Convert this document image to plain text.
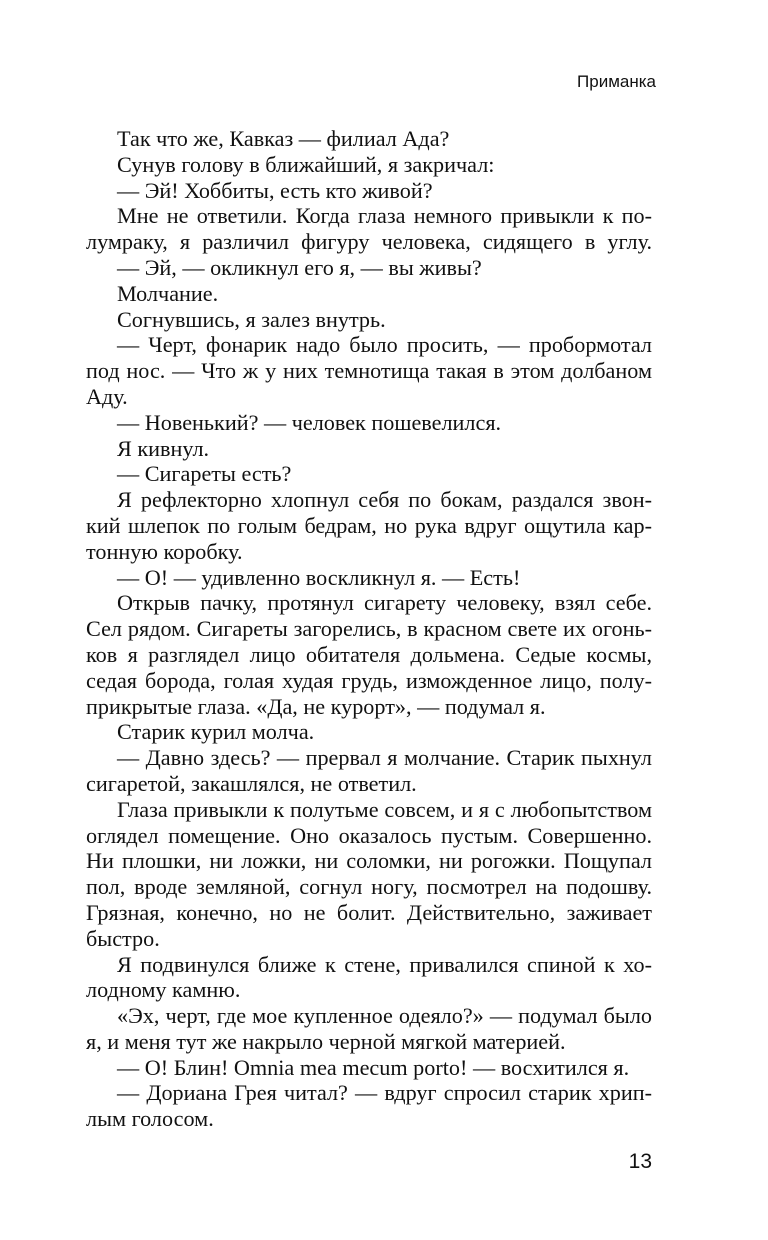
Приманка
Так что же, Кавказ — филиал Ада?
Сунув голову в ближайший, я закричал:
— Эй! Хоббиты, есть кто живой?
Мне не ответили. Когда глаза немного привыкли к по-
лумраку, я различил фигуру человека, сидящего в углу.
— Эй, — окликнул его я, — вы живы?
Молчание.
Согнувшись, я залез внутрь.
— Черт, фонарик надо было просить, — пробормотал
под нос. — Что ж у них темнотища такая в этом долбаном
Аду.
— Новенький? — человек пошевелился.
Я кивнул.
— Сигареты есть?
Я рефлекторно хлопнул себя по бокам, раздался звон-
кий шлепок по голым бедрам, но рука вдруг ощутила кар-
тонную коробку.
— О! — удивленно воскликнул я. — Есть!
Открыв пачку, протянул сигарету человеку, взял себе.
Сел рядом. Сигареты загорелись, в красном свете их огонь-
ков я разглядел лицо обитателя дольмена. Седые космы,
седая борода, голая худая грудь, изможденное лицо, полу-
прикрытые глаза. «Да, не курорт», — подумал я.
Старик курил молча.
— Давно здесь? — прервал я молчание. Старик пыхнул
сигаретой, закашлялся, не ответил.
Глаза привыкли к полутьме совсем, и я с любопытством
оглядел помещение. Оно оказалось пустым. Совершенно.
Ни плошки, ни ложки, ни соломки, ни рогожки. Пощупал
пол, вроде земляной, согнул ногу, посмотрел на подошву.
Грязная, конечно, но не болит. Действительно, заживает
быстро.
Я подвинулся ближе к стене, привалился спиной к хо-
лодному камню.
«Эх, черт, где мое купленное одеяло?» — подумал было
я, и меня тут же накрыло черной мягкой материей.
— О! Блин! Omnia mea mecum porto! — восхитился я.
— Дориана Грея читал? — вдруг спросил старик хрип-
лым голосом.
13
